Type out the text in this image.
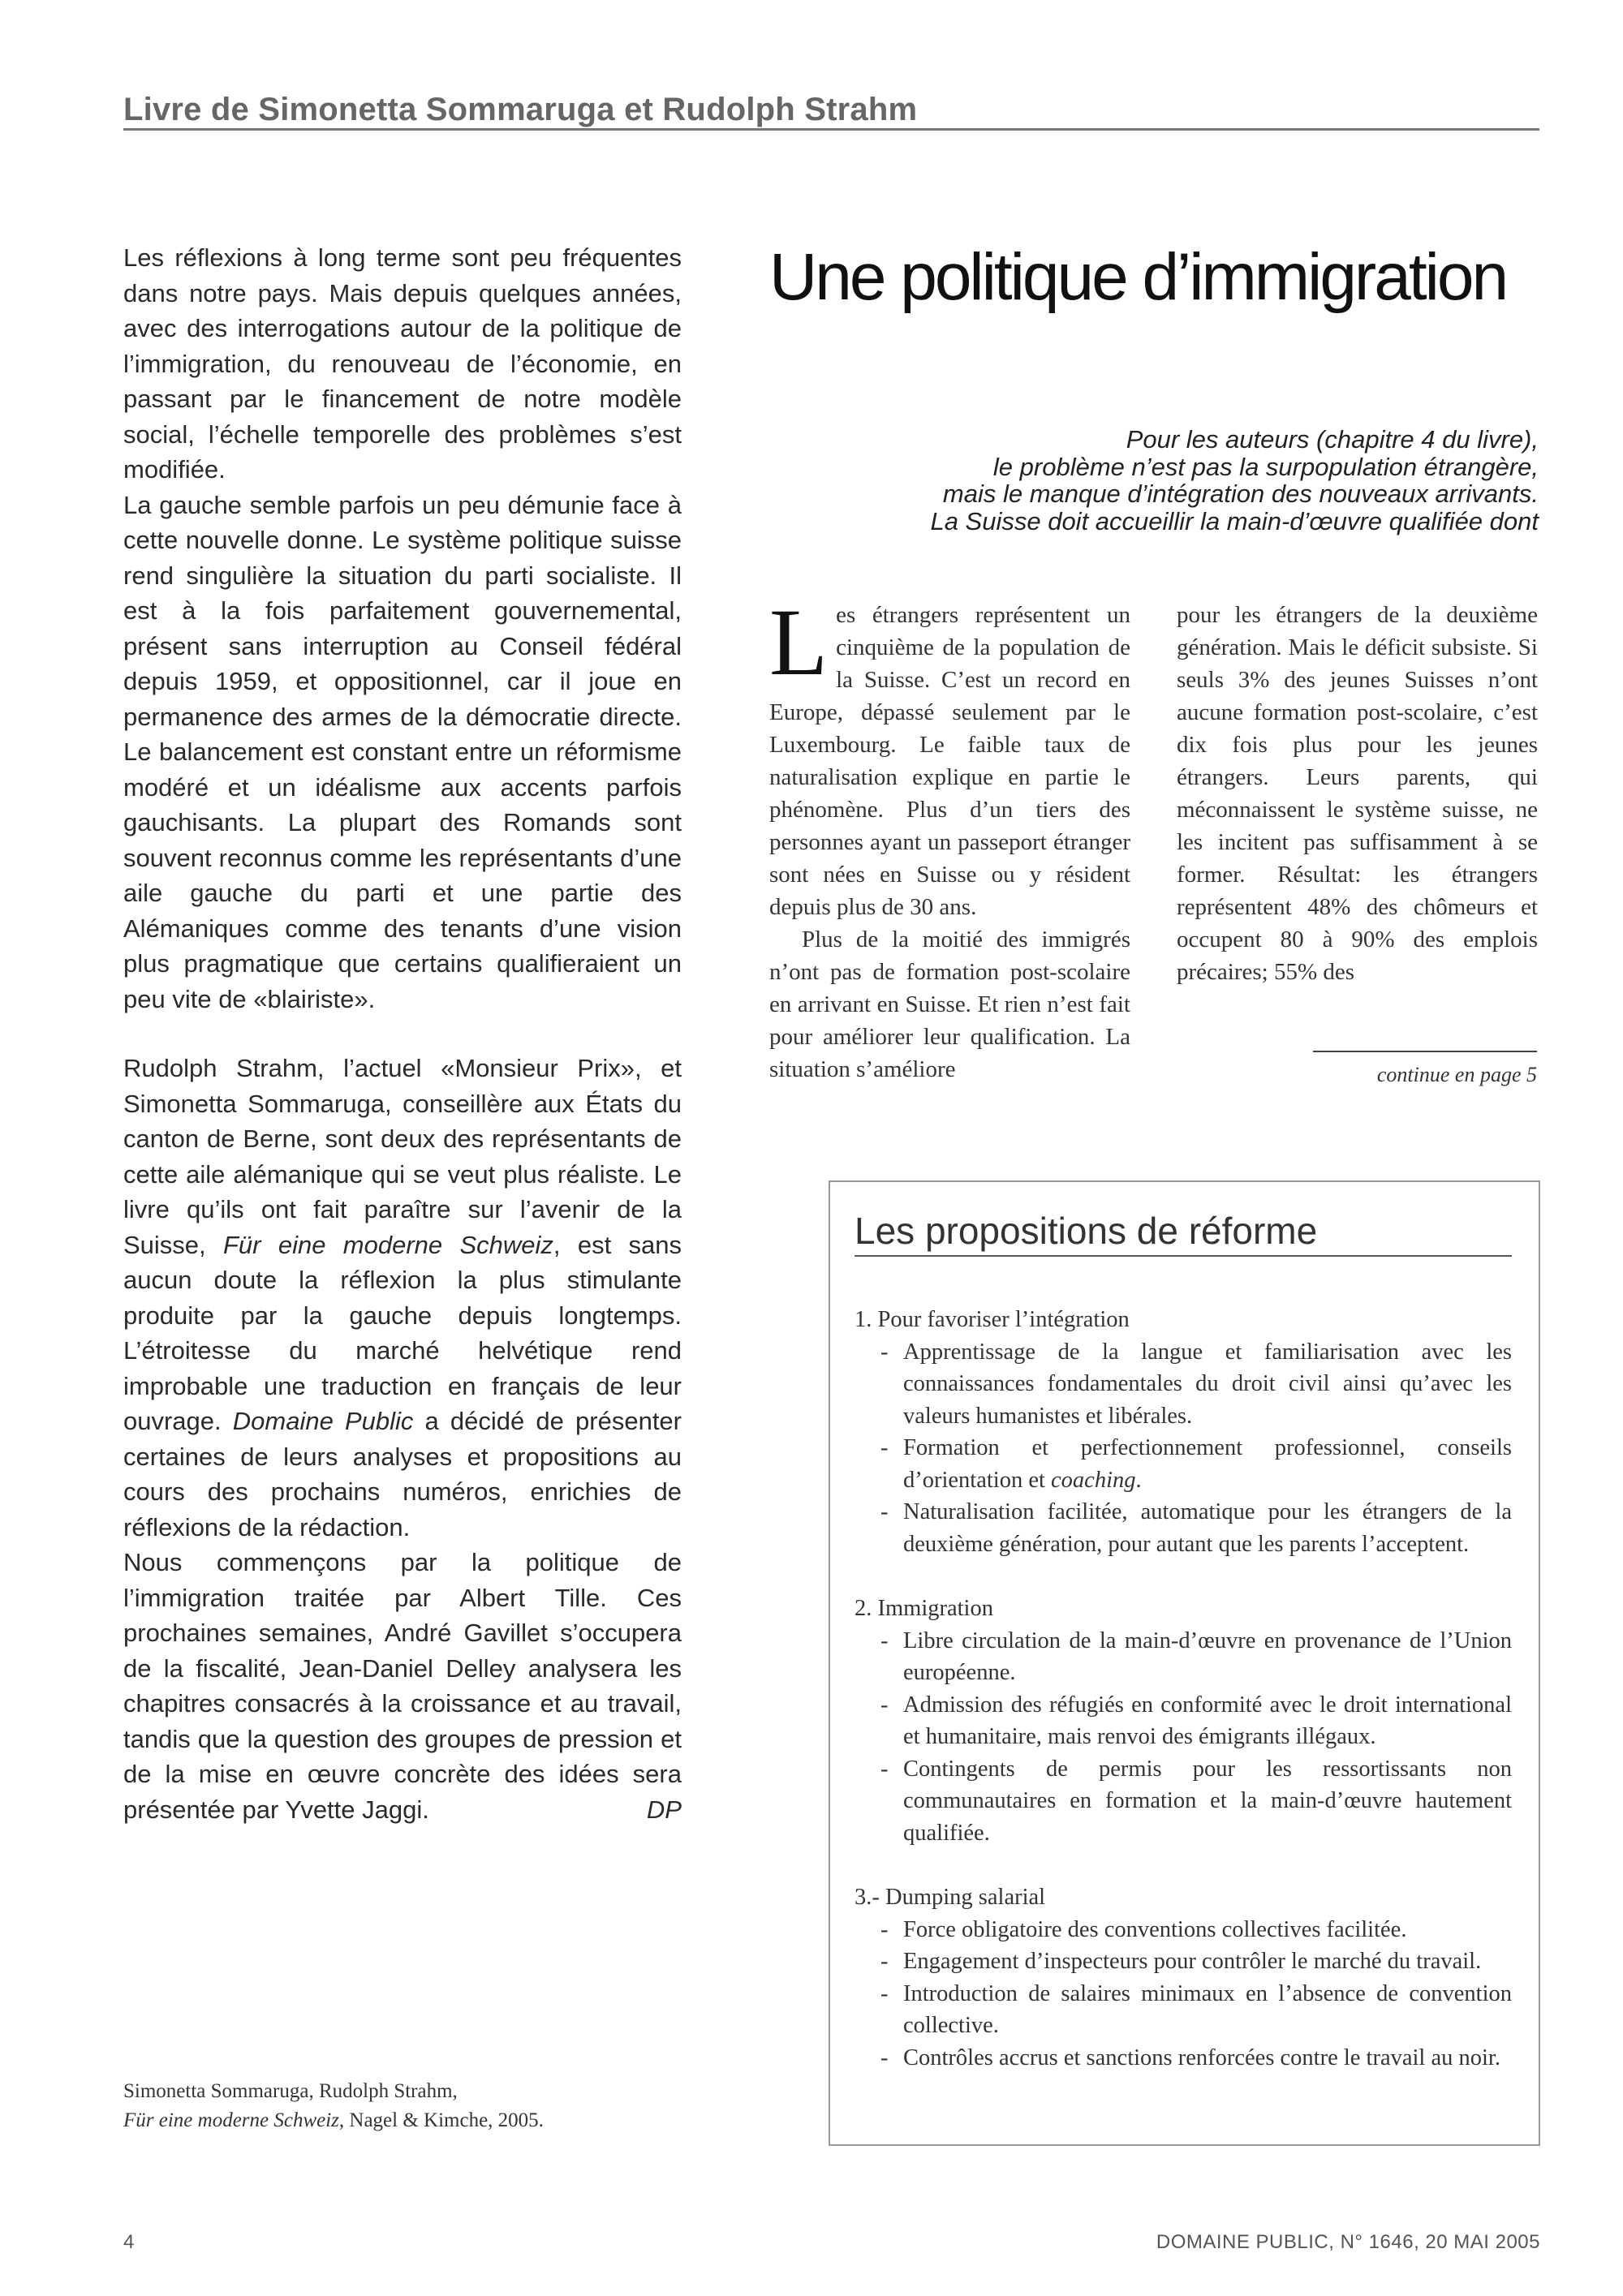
Livre de Simonetta Sommaruga et Rudolph Strahm

Les réflexions à long terme sont peu fréquentes dans notre pays. Mais depuis quelques années, avec des interrogations autour de la politique de l’immigration, du renouveau de l’économie, en passant par le financement de notre modèle social, l’échelle temporelle des problèmes s’est modifiée.

La gauche semble parfois un peu démunie face à cette nouvelle donne. Le système politique suisse rend singulière la situation du parti socialiste. Il est à la fois parfaitement gouvernemental, présent sans interruption au Conseil fédéral depuis 1959, et oppositionnel, car il joue en permanence des armes de la démocratie directe. Le balancement est constant entre un réformisme modéré et un idéalisme aux accents parfois gauchisants. La plupart des Romands sont souvent reconnus comme les représentants d’une aile gauche du parti et une partie des Alémaniques comme des tenants d’une vision plus pragmatique que certains qualifieraient un peu vite de «blairiste».

Rudolph Strahm, l’actuel «Monsieur Prix», et Simonetta Sommaruga, conseillère aux États du canton de Berne, sont deux des représentants de cette aile alémanique qui se veut plus réaliste. Le livre qu’ils ont fait paraître sur l’avenir de la Suisse, Für eine moderne Schweiz, est sans aucun doute la réflexion la plus stimulante produite par la gauche depuis longtemps. L’étroitesse du marché helvétique rend improbable une traduction en français de leur ouvrage. Domaine Public a décidé de présenter certaines de leurs analyses et propositions au cours des prochains numéros, enrichies de réflexions de la rédaction.

Nous commençons par la politique de l’immigration traitée par Albert Tille. Ces prochaines semaines, André Gavillet s’occupera de la fiscalité, Jean-Daniel Delley analysera les chapitres consacrés à la croissance et au travail, tandis que la question des groupes de pression et de la mise en œuvre concrète des idées sera présentée par Yvette Jaggi.	DP

Simonetta Sommaruga, Rudolph Strahm,
Für eine moderne Schweiz, Nagel & Kimche, 2005.
Une politique d’immigration
Pour les auteurs (chapitre 4 du livre),
le problème n’est pas la surpopulation étrangère,
mais le manque d’intégration des nouveaux arrivants.
La Suisse doit accueillir la main-d’œuvre qualifiée dont

Les étrangers représentent un cinquième de la population de la Suisse. C’est un record en Europe, dépassé seulement par le Luxembourg. Le faible taux de naturalisation explique en partie le phénomène. Plus d’un tiers des personnes ayant un passeport étranger sont nées en Suisse ou y résident depuis plus de 30 ans.

Plus de la moitié des immigrés n’ont pas de formation post-scolaire en arrivant en Suisse. Et rien n’est fait pour améliorer leur qualification. La situation s’améliore

pour les étrangers de la deuxième génération. Mais le déficit subsiste. Si seuls 3% des jeunes Suisses n’ont aucune formation post-scolaire, c’est dix fois plus pour les jeunes étrangers. Leurs parents, qui méconnaissent le système suisse, ne les incitent pas suffisamment à se former. Résultat: les étrangers représentent 48% des chômeurs et occupent 80 à 90% des emplois précaires; 55% des

continue en page 5
Les propositions de réforme
1. Pour favoriser l’intégration
- Apprentissage de la langue et familiarisation avec les connaissances fondamentales du droit civil ainsi qu’avec les valeurs humanistes et libérales.
- Formation et perfectionnement professionnel, conseils d’orientation et coaching.
- Naturalisation facilitée, automatique pour les étrangers de la deuxième génération, pour autant que les parents l’acceptent.
2. Immigration
- Libre circulation de la main-d’œuvre en provenance de l’Union européenne.
- Admission des réfugiés en conformité avec le droit international et humanitaire, mais renvoi des émigrants illégaux.
- Contingents de permis pour les ressortissants non communautaires en formation et la main-d’œuvre hautement qualifiée.
3.- Dumping salarial
- Force obligatoire des conventions collectives facilitée.
- Engagement d’inspecteurs pour contrôler le marché du travail.
- Introduction de salaires minimaux en l’absence de convention collective.
- Contrôles accrus et sanctions renforcées contre le travail au noir.
4	DOMAINE PUBLIC, N° 1646, 20 MAI 2005
